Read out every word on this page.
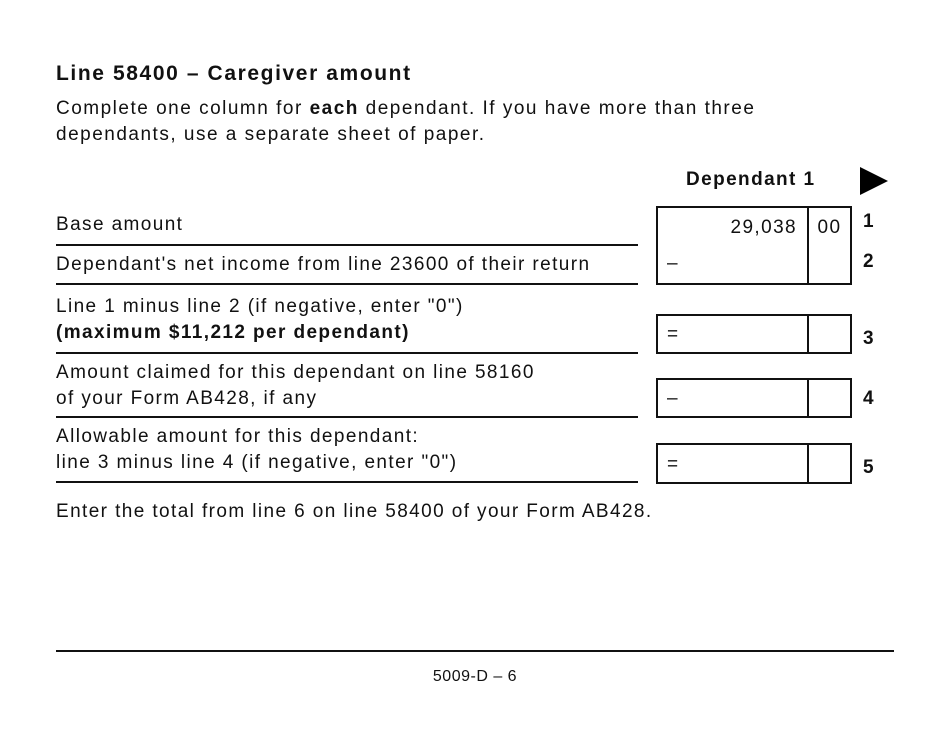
Line 58400 – Caregiver amount
Complete one column for each dependant. If you have more than three
dependants, use a separate sheet of paper.
Dependant 1
Base amount	29,038	00	1
Dependant's net income from line 23600 of their return	–	2
Line 1 minus line 2 (if negative, enter "0")
(maximum $11,212 per dependant)	=	3
Amount claimed for this dependant on line 58160
of your Form AB428, if any	–	4
Allowable amount for this dependant:
line 3 minus line 4 (if negative, enter "0")	=	5
Enter the total from line 6 on line 58400 of your Form AB428.
5009-D – 6
